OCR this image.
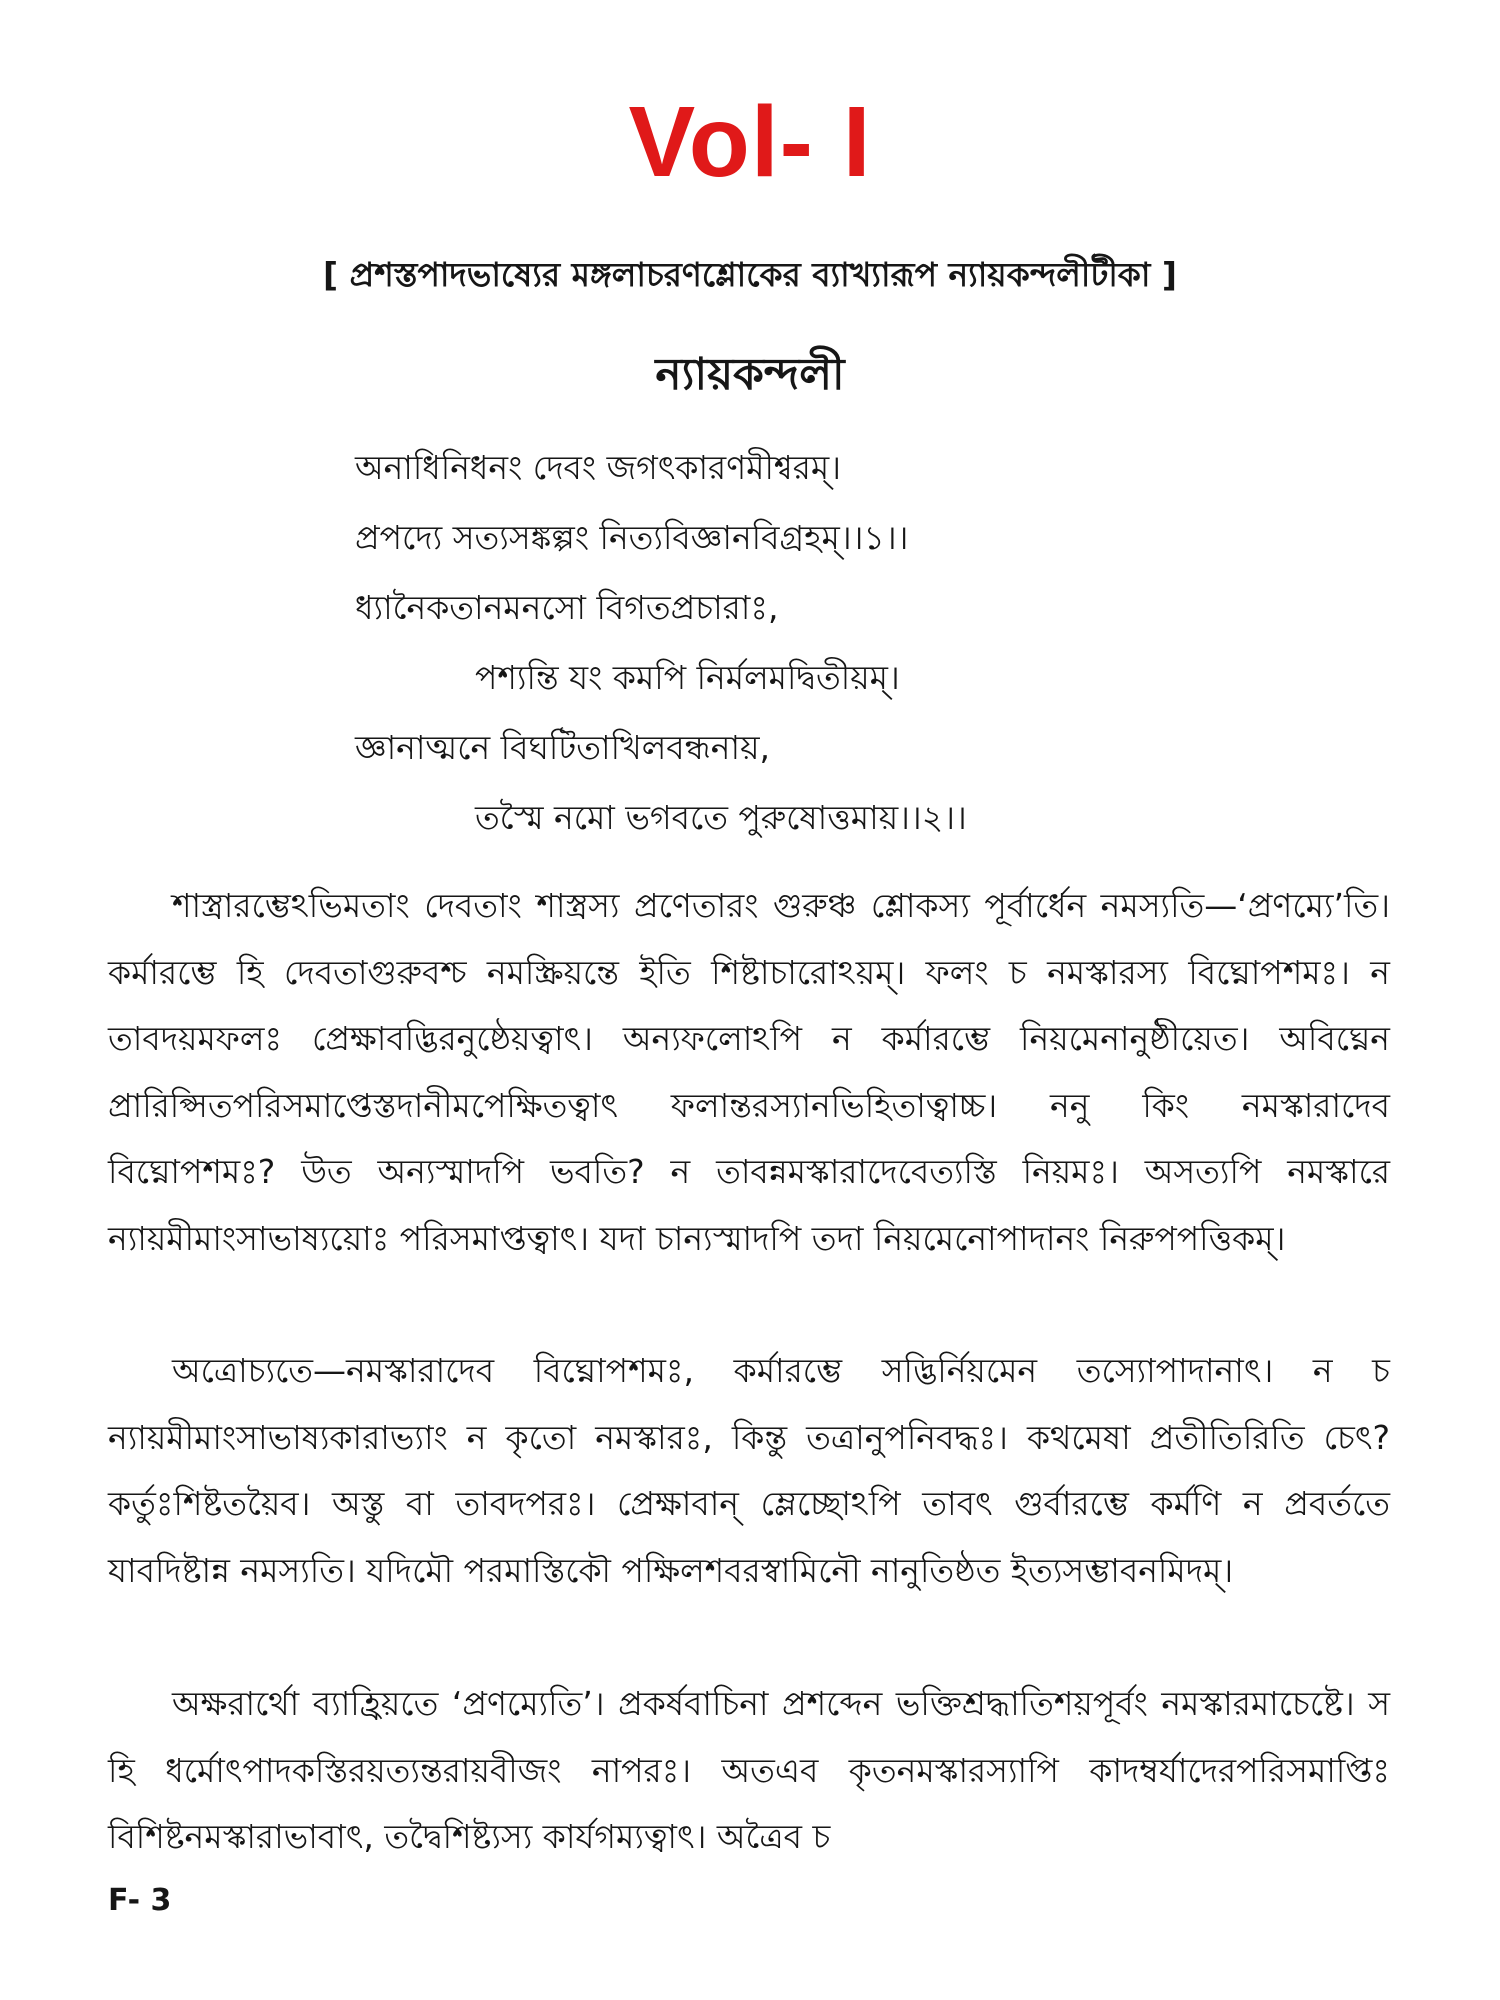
Vol- I
[ প্রশস্তপাদভাষ্যের মঙ্গলাচরণশ্লোকের ব্যাখ্যারূপ ন্যায়কন্দলীটীকা ]
ন্যায়কন্দলী
অনাধিনিধনং দেবং জগৎকারণমীশ্বরম্।
প্রপদ্যে সত্যসঙ্কল্পং নিত্যবিজ্ঞানবিগ্রহম্।।১।।
ধ্যানৈকতানমনসো বিগতপ্রচারাঃ,
পশ্যন্তি যং কমপি নির্মলমদ্বিতীয়ম্।
জ্ঞানাত্মনে বিঘটিতাখিলবন্ধনায়,
তস্মৈ নমো ভগবতে পুরুষোত্তমায়।।২।।

শাস্ত্রারম্ভেঽভিমতাং দেবতাং শাস্ত্রস্য প্রণেতারং গুরুঞ্চ শ্লোকস্য পূর্বার্ধেন নমস্যতি—‘প্রণম্যে’তি। কর্মারম্ভে হি দেবতাগুরুবশ্চ নমস্ক্রিয়ন্তে ইতি শিষ্টাচারোঽয়ম্। ফলং চ নমস্কারস্য বিঘ্নোপশমঃ। ন তাবদয়মফলঃ প্রেক্ষাবদ্ভিরনুষ্ঠেয়ত্বাৎ। অন্যফলোঽপি ন কর্মারম্ভে নিয়মেনানুষ্ঠীয়েত। অবিঘ্নেন প্রারিপ্সিতপরিসমাপ্তেস্তদানীমপেক্ষিতত্বাৎ ফলান্তরস্যানভিহিতাত্বাচ্চ। ননু কিং নমস্কারাদেব বিঘ্নোপশমঃ? উত অন্যস্মাদপি ভবতি? ন তাবন্নমস্কারাদেবেত্যস্তি নিয়মঃ। অসত্যপি নমস্কারে ন্যায়মীমাংসাভাষ্যয়োঃ পরিসমাপ্তত্বাৎ। যদা চান্যস্মাদপি তদা নিয়মেনোপাদানং নিরুপপত্তিকম্।

অত্রোচ্যতে—নমস্কারাদেব বিঘ্নোপশমঃ, কর্মারম্ভে সদ্ভির্নিয়মেন তস্যোপাদানাৎ। ন চ ন্যায়মীমাংসাভাষ্যকারাভ্যাং ন কৃতো নমস্কারঃ, কিন্তু তত্রানুপনিবদ্ধঃ। কথমেষা প্রতীতিরিতি চেৎ? কর্তুঃশিষ্টতয়ৈব। অস্তু বা তাবদপরঃ। প্রেক্ষাবান্ ম্লেচ্ছোঽপি তাবৎ গুর্বারম্ভে কর্মণি ন প্রবর্ততে যাবদিষ্টান্ন নমস্যতি। যদিমৌ পরমাস্তিকৌ পক্ষিলশবরস্বামিনৌ নানুতিষ্ঠত ইত্যসম্ভাবনমিদম্।

অক্ষরার্থো ব্যাহ্রিয়তে ‘প্রণম্যেতি’। প্রকর্ষবাচিনা প্রশব্দেন ভক্তিশ্রদ্ধাতিশয়পূর্বং নমস্কারমাচেষ্টে। স হি ধর্মোৎপাদকস্তিরয়ত্যন্তরায়বীজং নাপরঃ। অতএব কৃতনমস্কারস্যাপি কাদম্বর্যাদেরপরিসমাপ্তিঃ বিশিষ্টনমস্কারাভাবাৎ, তদ্বৈশিষ্ট্যস্য কার্যগম্যত্বাৎ। অত্রৈব চ

F- 3
